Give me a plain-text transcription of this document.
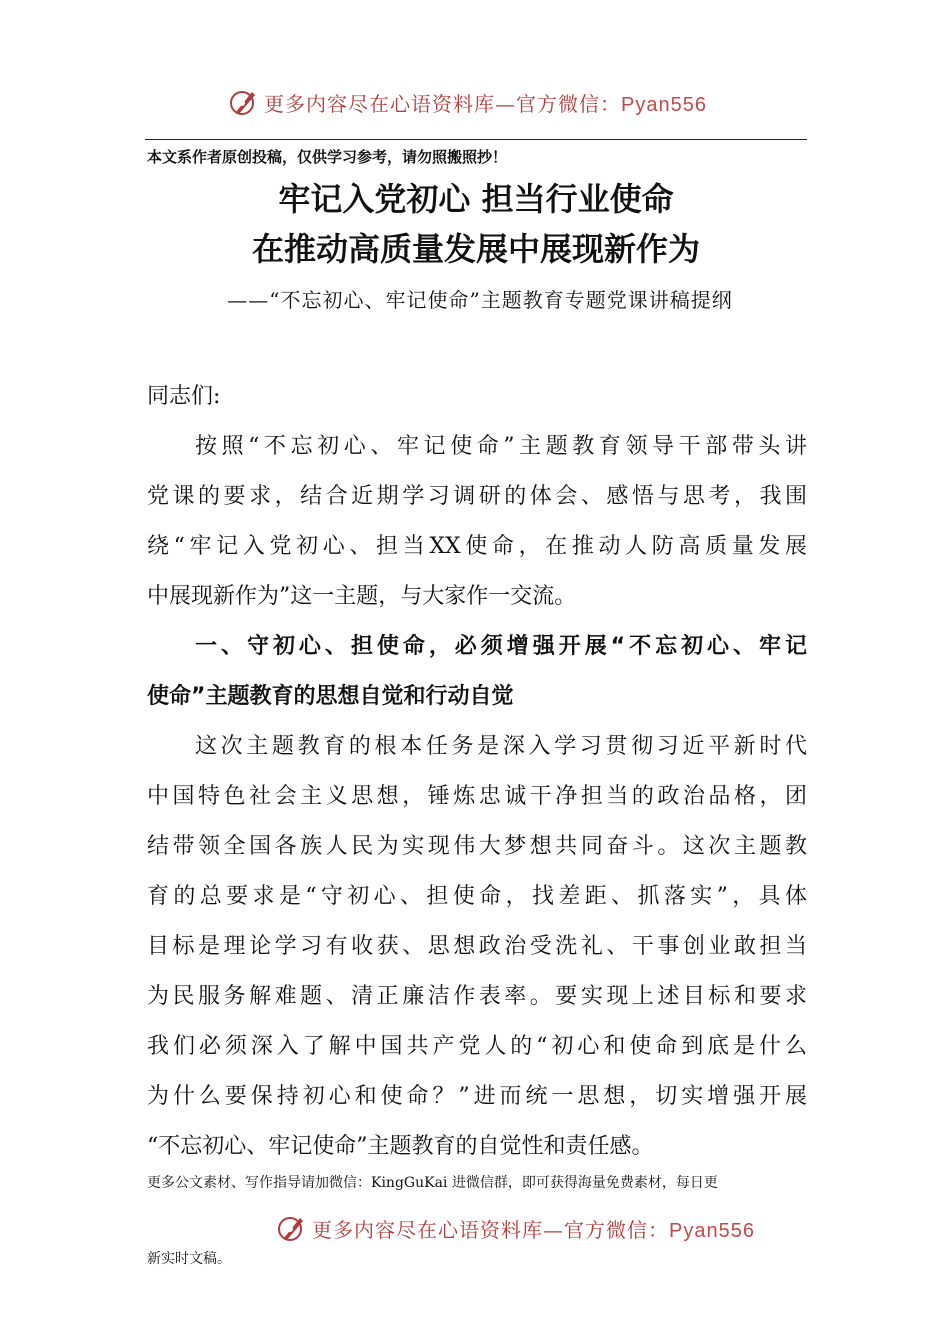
更多内容尽在心语资料库—官方微信：Pyan556
本文系作者原创投稿，仅供学习参考，请勿照搬照抄！
牢记入党初心 担当行业使命
在推动高质量发展中展现新作为
——“不忘初心、牢记使命”主题教育专题党课讲稿提纲
同志们:
按照“不忘初心、牢记使命”主题教育领导干部带头讲
党课的要求，结合近期学习调研的体会、感悟与思考，我围
绕“牢记入党初心、担当XX使命，在推动人防高质量发展
中展现新作为”这一主题，与大家作一交流。
一、守初心、担使命，必须增强开展“不忘初心、牢记
使命”主题教育的思想自觉和行动自觉
这次主题教育的根本任务是深入学习贯彻习近平新时代
中国特色社会主义思想，锤炼忠诚干净担当的政治品格，团
结带领全国各族人民为实现伟大梦想共同奋斗。这次主题教
育的总要求是“守初心、担使命，找差距、抓落实”，具体
目标是理论学习有收获、思想政治受洗礼、干事创业敢担当
为民服务解难题、清正廉洁作表率。要实现上述目标和要求
我们必须深入了解中国共产党人的“初心和使命到底是什么
为什么要保持初心和使命？”进而统一思想，切实增强开展
“不忘初心、牢记使命”主题教育的自觉性和责任感。
更多公文素材、写作指导请加微信：KingGuKai 进微信群，即可获得海量免费素材，每日更
更多内容尽在心语资料库—官方微信：Pyan556
新实时文稿。
